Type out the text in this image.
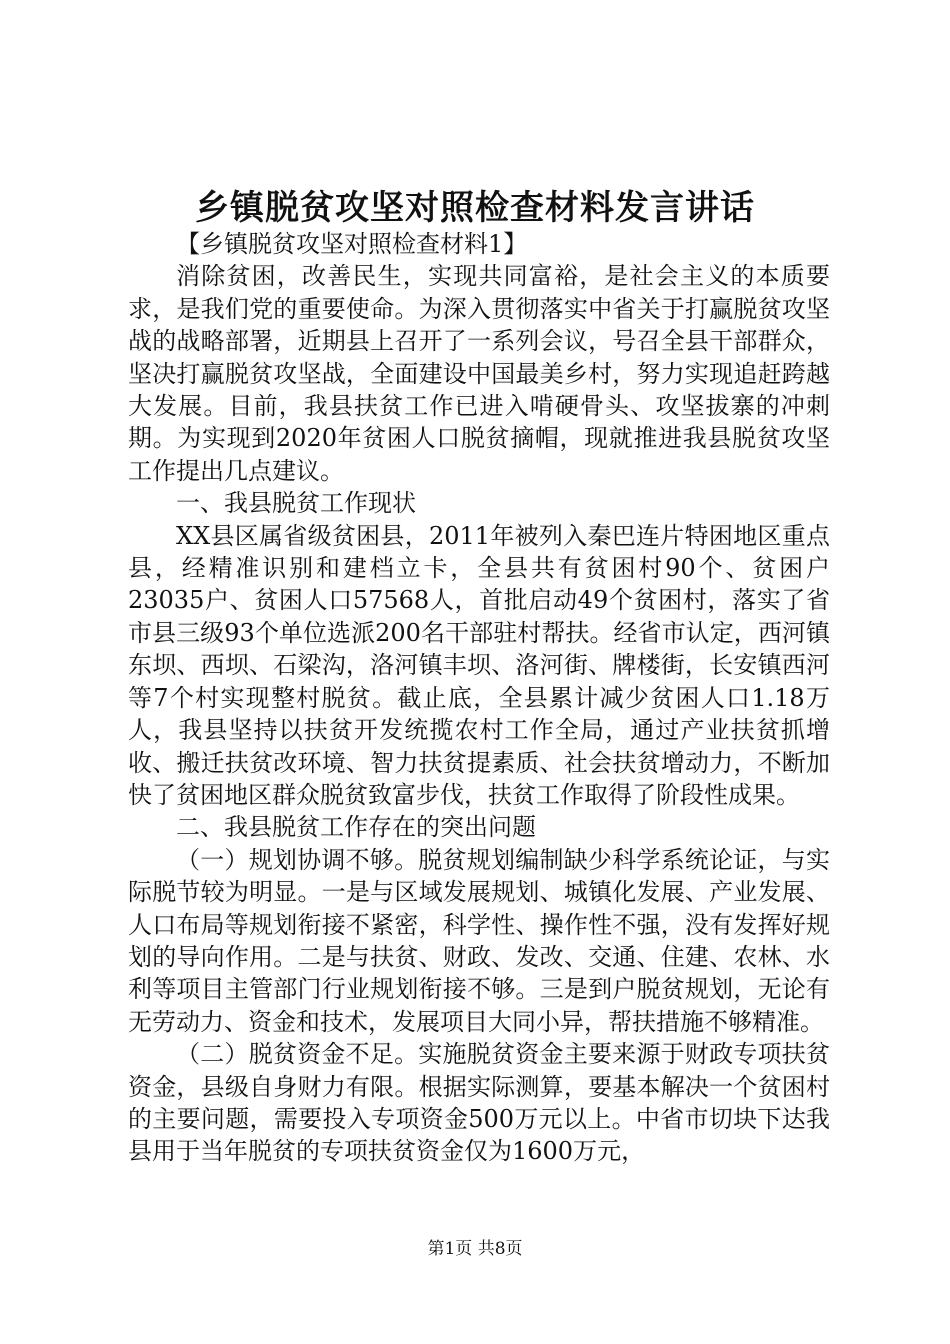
乡镇脱贫攻坚对照检查材料发言讲话

【乡镇脱贫攻坚对照检查材料1】

消除贫困，改善民生，实现共同富裕，是社会主义的本质要求，是我们党的重要使命。为深入贯彻落实中省关于打赢脱贫攻坚战的战略部署，近期县上召开了一系列会议，号召全县干部群众，坚决打赢脱贫攻坚战，全面建设中国最美乡村，努力实现追赶跨越大发展。目前，我县扶贫工作已进入啃硬骨头、攻坚拔寨的冲刺期。为实现到2020年贫困人口脱贫摘帽，现就推进我县脱贫攻坚工作提出几点建议。

一、我县脱贫工作现状

XX县区属省级贫困县，2011年被列入秦巴连片特困地区重点县，经精准识别和建档立卡，全县共有贫困村90个、贫困户23035户、贫困人口57568人，首批启动49个贫困村，落实了省市县三级93个单位选派200名干部驻村帮扶。经省市认定，西河镇东坝、西坝、石梁沟，洛河镇丰坝、洛河街、牌楼街，长安镇西河等7个村实现整村脱贫。截止底，全县累计减少贫困人口1.18万人，我县坚持以扶贫开发统揽农村工作全局，通过产业扶贫抓增收、搬迁扶贫改环境、智力扶贫提素质、社会扶贫增动力，不断加快了贫困地区群众脱贫致富步伐，扶贫工作取得了阶段性成果。

二、我县脱贫工作存在的突出问题

（一）规划协调不够。脱贫规划编制缺少科学系统论证，与实际脱节较为明显。一是与区域发展规划、城镇化发展、产业发展、人口布局等规划衔接不紧密，科学性、操作性不强，没有发挥好规划的导向作用。二是与扶贫、财政、发改、交通、住建、农林、水利等项目主管部门行业规划衔接不够。三是到户脱贫规划，无论有无劳动力、资金和技术，发展项目大同小异，帮扶措施不够精准。

（二）脱贫资金不足。实施脱贫资金主要来源于财政专项扶贫资金，县级自身财力有限。根据实际测算，要基本解决一个贫困村的主要问题，需要投入专项资金500万元以上。中省市切块下达我县用于当年脱贫的专项扶贫资金仅为1600万元，

第1页 共8页
